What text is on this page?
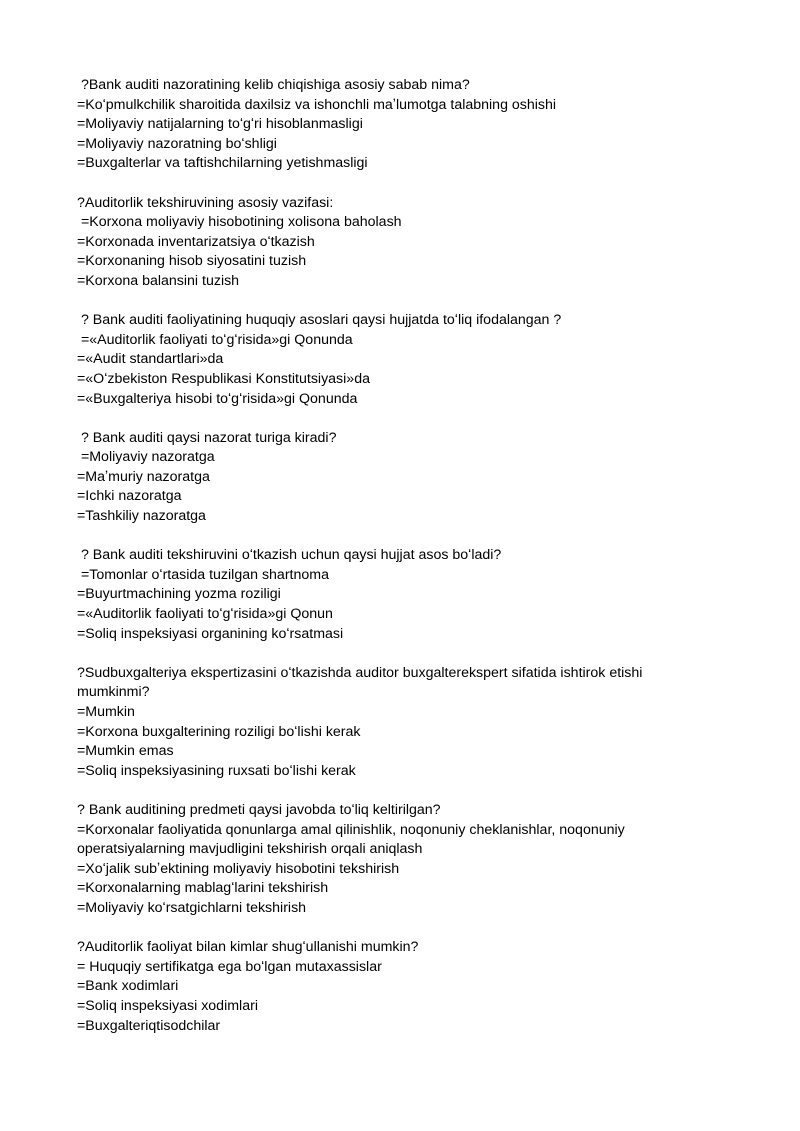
?Bank auditi nazoratining kelib chiqishiga asosiy sabab nima?
=Koʻpmulkchilik sharoitida daxilsiz va ishonchli maʼlumotga talabning oshishi
=Moliyaviy natijalarning toʻgʻri hisoblanmasligi
=Moliyaviy nazoratning boʻshligi
=Buxgalterlar va taftishchilarning yetishmasligi
?Auditorlik tekshiruvining asosiy vazifasi:
=Korxona moliyaviy hisobotining xolisona baholash
=Korxonada inventarizatsiya oʻtkazish
=Korxonaning hisob siyosatini tuzish
=Korxona balansini tuzish
? Bank auditi faoliyatining huquqiy asoslari qaysi hujjatda toʻliq ifodalangan ?
=«Auditorlik faoliyati toʻgʻrisida»gi Qonunda
=«Audit standartlari»da
=«Oʻzbekiston Respublikasi Konstitutsiyasi»da
=«Buxgalteriya hisobi toʻgʻrisida»gi Qonunda
? Bank auditi qaysi nazorat turiga kiradi?
=Moliyaviy nazoratga
=Maʼmuriy nazoratga
=Ichki nazoratga
=Tashkiliy nazoratga
? Bank auditi tekshiruvini oʻtkazish uchun qaysi hujjat asos boʻladi?
=Tomonlar oʻrtasida tuzilgan shartnoma
=Buyurtmachining yozma roziligi
=«Auditorlik faoliyati toʻgʻrisida»gi Qonun
=Soliq inspeksiyasi organining koʻrsatmasi
?Sudbuxgalteriya ekspertizasini oʻtkazishda auditor buxgalterekspert sifatida ishtirok etishi mumkinmi?
=Mumkin
=Korxona buxgalterining roziligi boʻlishi kerak
=Mumkin emas
=Soliq inspeksiyasining ruxsati boʻlishi kerak
? Bank auditining predmeti qaysi javobda toʻliq keltirilgan?
=Korxonalar faoliyatida qonunlarga amal qilinishlik, noqonuniy cheklanishlar, noqonuniy operatsiyalarning mavjudligini tekshirish orqali aniqlash
=Xoʻjalik subʼektining moliyaviy hisobotini tekshirish
=Korxonalarning mablagʻlarini tekshirish
=Moliyaviy koʻrsatgichlarni tekshirish
?Auditorlik faoliyat bilan kimlar shugʻullanishi mumkin?
= Huquqiy sertifikatga ega boʻlgan mutaxassislar
=Bank xodimlari
=Soliq inspeksiyasi xodimlari
=Buxgalteriqtisodchilar
